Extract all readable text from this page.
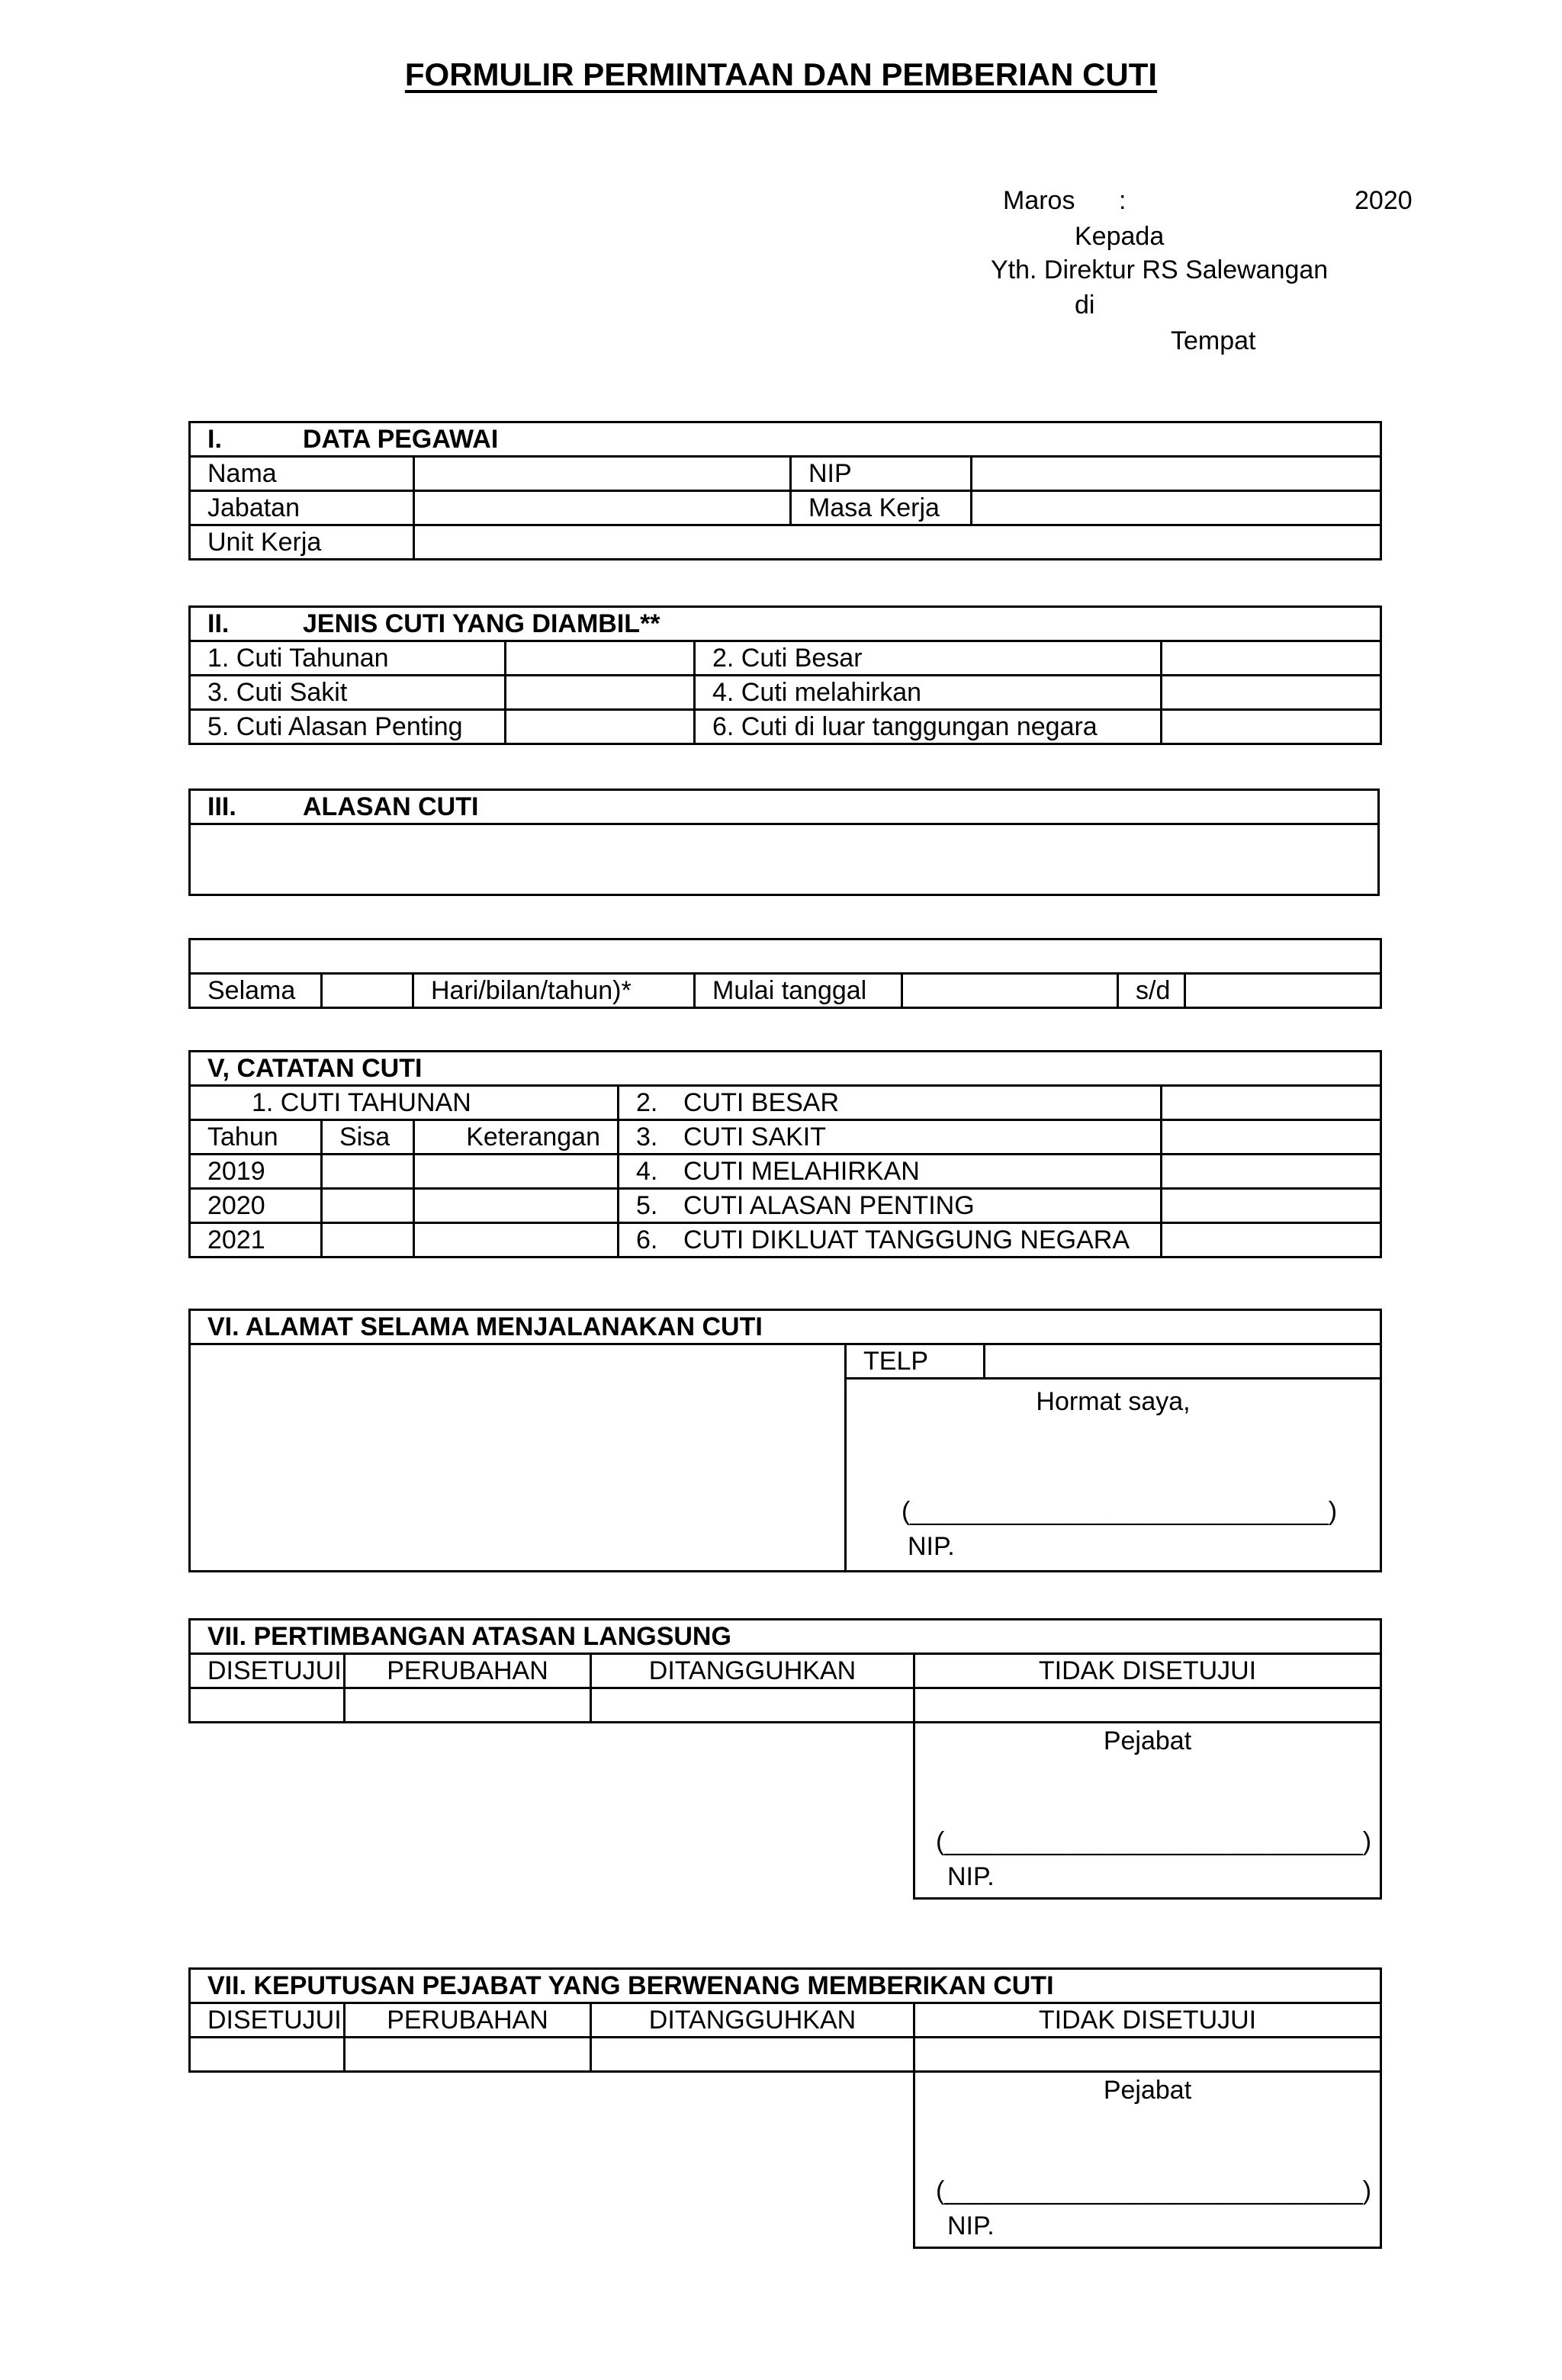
FORMULIR PERMINTAAN DAN PEMBERIAN CUTI
Maros :	2020
Kepada
Yth. Direktur RS Salewangan
di
Tempat
I. DATA PEGAWAI			
Nama		NIP	
Jabatan		Masa Kerja	
Unit Kerja			
II. JENIS CUTI YANG DIAMBIL**			
1. Cuti Tahunan		2. Cuti Besar	
3. Cuti Sakit		4. Cuti melahirkan	
5. Cuti Alasan Penting		6. Cuti di luar tanggungan negara	
III.	ALASAN CUTI

Selama		Hari/bilan/tahun)*	Mulai tanggal		s/d	
V, CATATAN CUTI				
1. CUTI TAHUNAN			2. CUTI BESAR	
Tahun	Sisa	Keterangan	3. CUTI SAKIT	
2019			4. CUTI MELAHIRKAN	
2020			5. CUTI ALASAN PENTING	
2021			6. CUTI DIKLUAT TANGGUNG NEGARA	
VI. ALAMAT SELAMA MENJALANAKAN CUTI
	TELP	

Hormat saya,
(_____________________________)
NIP.
VII. PERTIMBANGAN ATASAN LANGSUNG			
DISETUJUI	PERUBAHAN	DITANGGUHKAN	TIDAK DISETUJUI

			Pejabat
(_____________________________)
NIP.
VII. KEPUTUSAN PEJABAT YANG BERWENANG MEMBERIKAN CUTI			
DISETUJUI	PERUBAHAN	DITANGGUHKAN	TIDAK DISETUJUI

			Pejabat
(_____________________________)
NIP.
